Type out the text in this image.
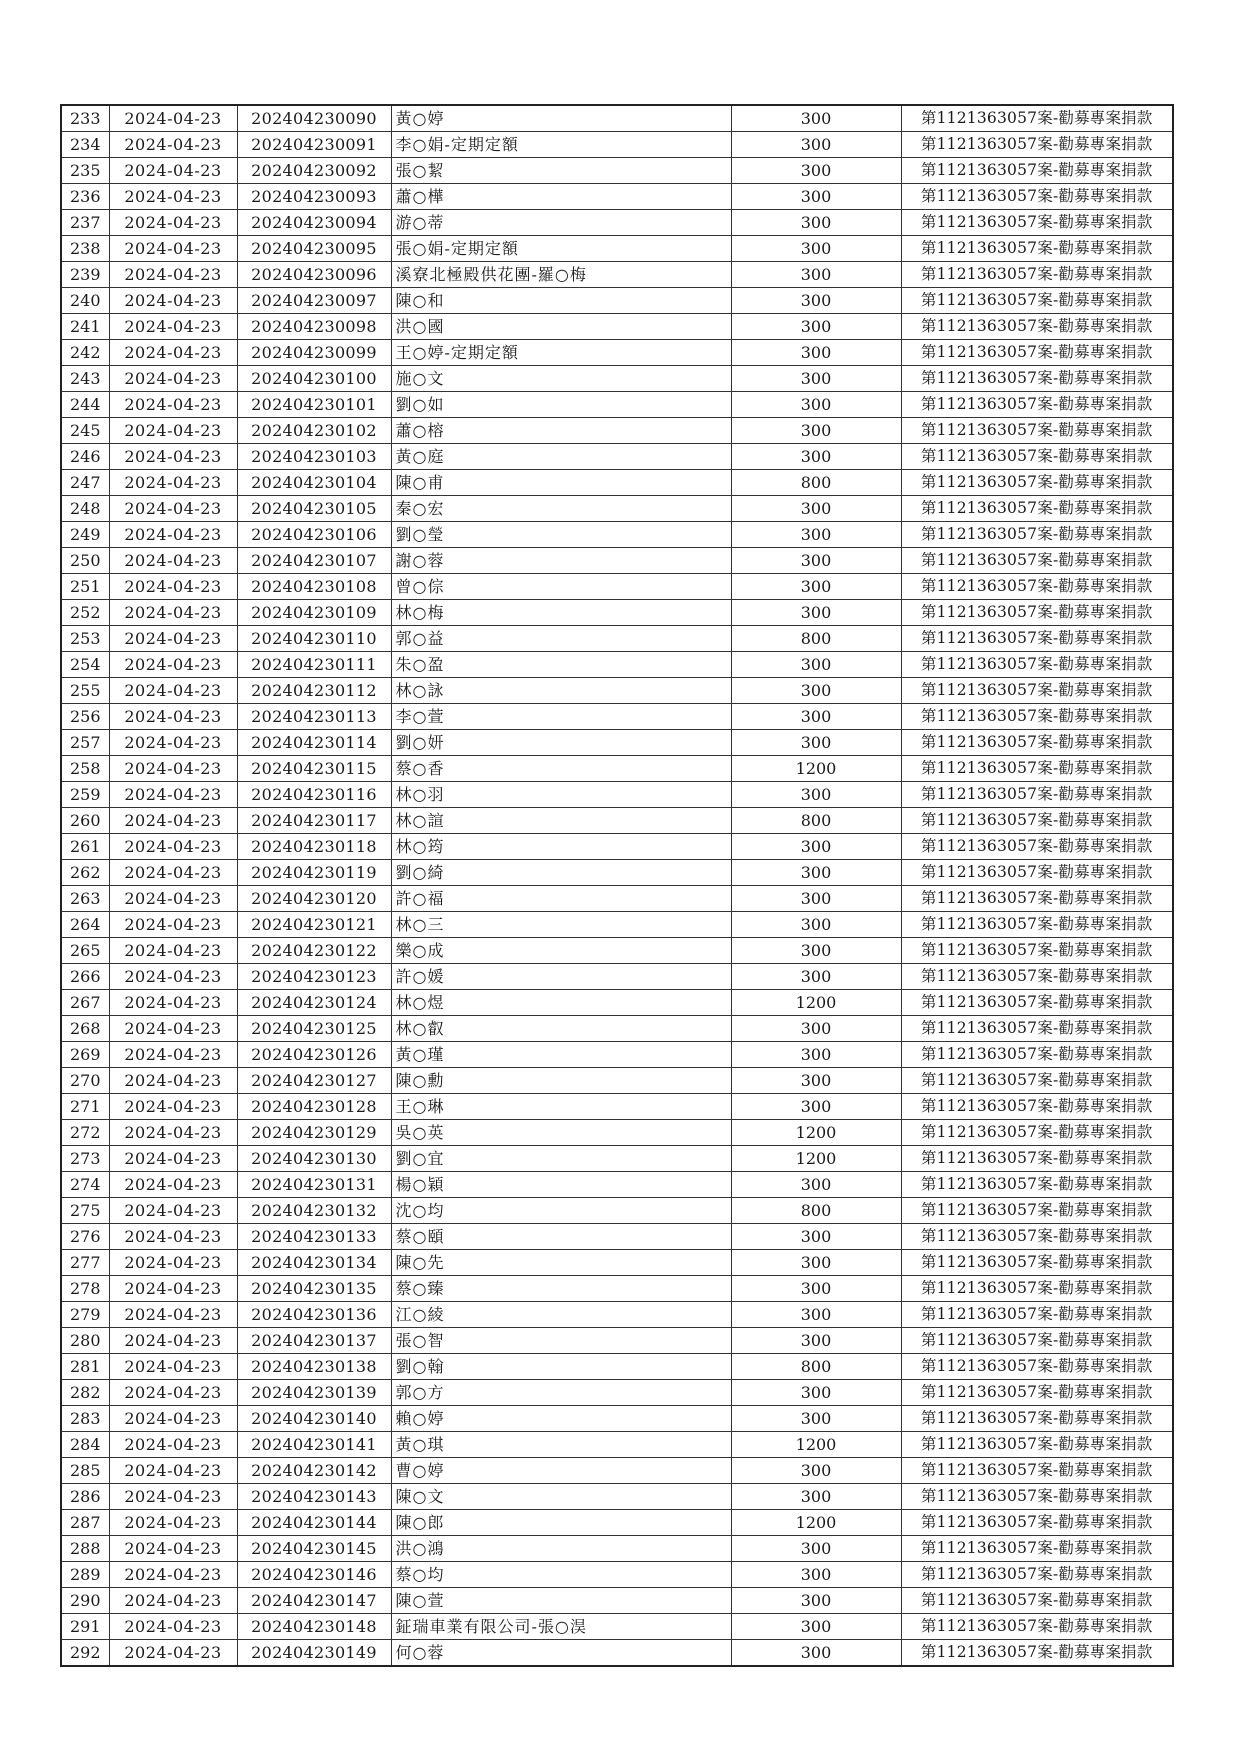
233	2024-04-23	202404230090	黃○婷	300	第1121363057案-勸募專案捐款
234	2024-04-23	202404230091	李○娟-定期定額	300	第1121363057案-勸募專案捐款
235	2024-04-23	202404230092	張○絜	300	第1121363057案-勸募專案捐款
236	2024-04-23	202404230093	蕭○樺	300	第1121363057案-勸募專案捐款
237	2024-04-23	202404230094	游○蒂	300	第1121363057案-勸募專案捐款
238	2024-04-23	202404230095	張○娟-定期定額	300	第1121363057案-勸募專案捐款
239	2024-04-23	202404230096	溪寮北極殿供花團-羅○梅	300	第1121363057案-勸募專案捐款
240	2024-04-23	202404230097	陳○和	300	第1121363057案-勸募專案捐款
241	2024-04-23	202404230098	洪○國	300	第1121363057案-勸募專案捐款
242	2024-04-23	202404230099	王○婷-定期定額	300	第1121363057案-勸募專案捐款
243	2024-04-23	202404230100	施○文	300	第1121363057案-勸募專案捐款
244	2024-04-23	202404230101	劉○如	300	第1121363057案-勸募專案捐款
245	2024-04-23	202404230102	蕭○榕	300	第1121363057案-勸募專案捐款
246	2024-04-23	202404230103	黃○庭	300	第1121363057案-勸募專案捐款
247	2024-04-23	202404230104	陳○甫	800	第1121363057案-勸募專案捐款
248	2024-04-23	202404230105	秦○宏	300	第1121363057案-勸募專案捐款
249	2024-04-23	202404230106	劉○瑩	300	第1121363057案-勸募專案捐款
250	2024-04-23	202404230107	謝○蓉	300	第1121363057案-勸募專案捐款
251	2024-04-23	202404230108	曾○倧	300	第1121363057案-勸募專案捐款
252	2024-04-23	202404230109	林○梅	300	第1121363057案-勸募專案捐款
253	2024-04-23	202404230110	郭○益	800	第1121363057案-勸募專案捐款
254	2024-04-23	202404230111	朱○盈	300	第1121363057案-勸募專案捐款
255	2024-04-23	202404230112	林○詠	300	第1121363057案-勸募專案捐款
256	2024-04-23	202404230113	李○萱	300	第1121363057案-勸募專案捐款
257	2024-04-23	202404230114	劉○妍	300	第1121363057案-勸募專案捐款
258	2024-04-23	202404230115	蔡○香	1200	第1121363057案-勸募專案捐款
259	2024-04-23	202404230116	林○羽	300	第1121363057案-勸募專案捐款
260	2024-04-23	202404230117	林○諠	800	第1121363057案-勸募專案捐款
261	2024-04-23	202404230118	林○筠	300	第1121363057案-勸募專案捐款
262	2024-04-23	202404230119	劉○綺	300	第1121363057案-勸募專案捐款
263	2024-04-23	202404230120	許○福	300	第1121363057案-勸募專案捐款
264	2024-04-23	202404230121	林○三	300	第1121363057案-勸募專案捐款
265	2024-04-23	202404230122	樂○成	300	第1121363057案-勸募專案捐款
266	2024-04-23	202404230123	許○媛	300	第1121363057案-勸募專案捐款
267	2024-04-23	202404230124	林○煜	1200	第1121363057案-勸募專案捐款
268	2024-04-23	202404230125	林○叡	300	第1121363057案-勸募專案捐款
269	2024-04-23	202404230126	黃○瑾	300	第1121363057案-勸募專案捐款
270	2024-04-23	202404230127	陳○勳	300	第1121363057案-勸募專案捐款
271	2024-04-23	202404230128	王○琳	300	第1121363057案-勸募專案捐款
272	2024-04-23	202404230129	吳○英	1200	第1121363057案-勸募專案捐款
273	2024-04-23	202404230130	劉○宜	1200	第1121363057案-勸募專案捐款
274	2024-04-23	202404230131	楊○穎	300	第1121363057案-勸募專案捐款
275	2024-04-23	202404230132	沈○均	800	第1121363057案-勸募專案捐款
276	2024-04-23	202404230133	蔡○頤	300	第1121363057案-勸募專案捐款
277	2024-04-23	202404230134	陳○先	300	第1121363057案-勸募專案捐款
278	2024-04-23	202404230135	蔡○臻	300	第1121363057案-勸募專案捐款
279	2024-04-23	202404230136	江○綾	300	第1121363057案-勸募專案捐款
280	2024-04-23	202404230137	張○智	300	第1121363057案-勸募專案捐款
281	2024-04-23	202404230138	劉○翰	800	第1121363057案-勸募專案捐款
282	2024-04-23	202404230139	郭○方	300	第1121363057案-勸募專案捐款
283	2024-04-23	202404230140	賴○婷	300	第1121363057案-勸募專案捐款
284	2024-04-23	202404230141	黃○琪	1200	第1121363057案-勸募專案捐款
285	2024-04-23	202404230142	曹○婷	300	第1121363057案-勸募專案捐款
286	2024-04-23	202404230143	陳○文	300	第1121363057案-勸募專案捐款
287	2024-04-23	202404230144	陳○郎	1200	第1121363057案-勸募專案捐款
288	2024-04-23	202404230145	洪○鴻	300	第1121363057案-勸募專案捐款
289	2024-04-23	202404230146	蔡○均	300	第1121363057案-勸募專案捐款
290	2024-04-23	202404230147	陳○萱	300	第1121363057案-勸募專案捐款
291	2024-04-23	202404230148	鉦瑞車業有限公司-張○淏	300	第1121363057案-勸募專案捐款
292	2024-04-23	202404230149	何○蓉	300	第1121363057案-勸募專案捐款
